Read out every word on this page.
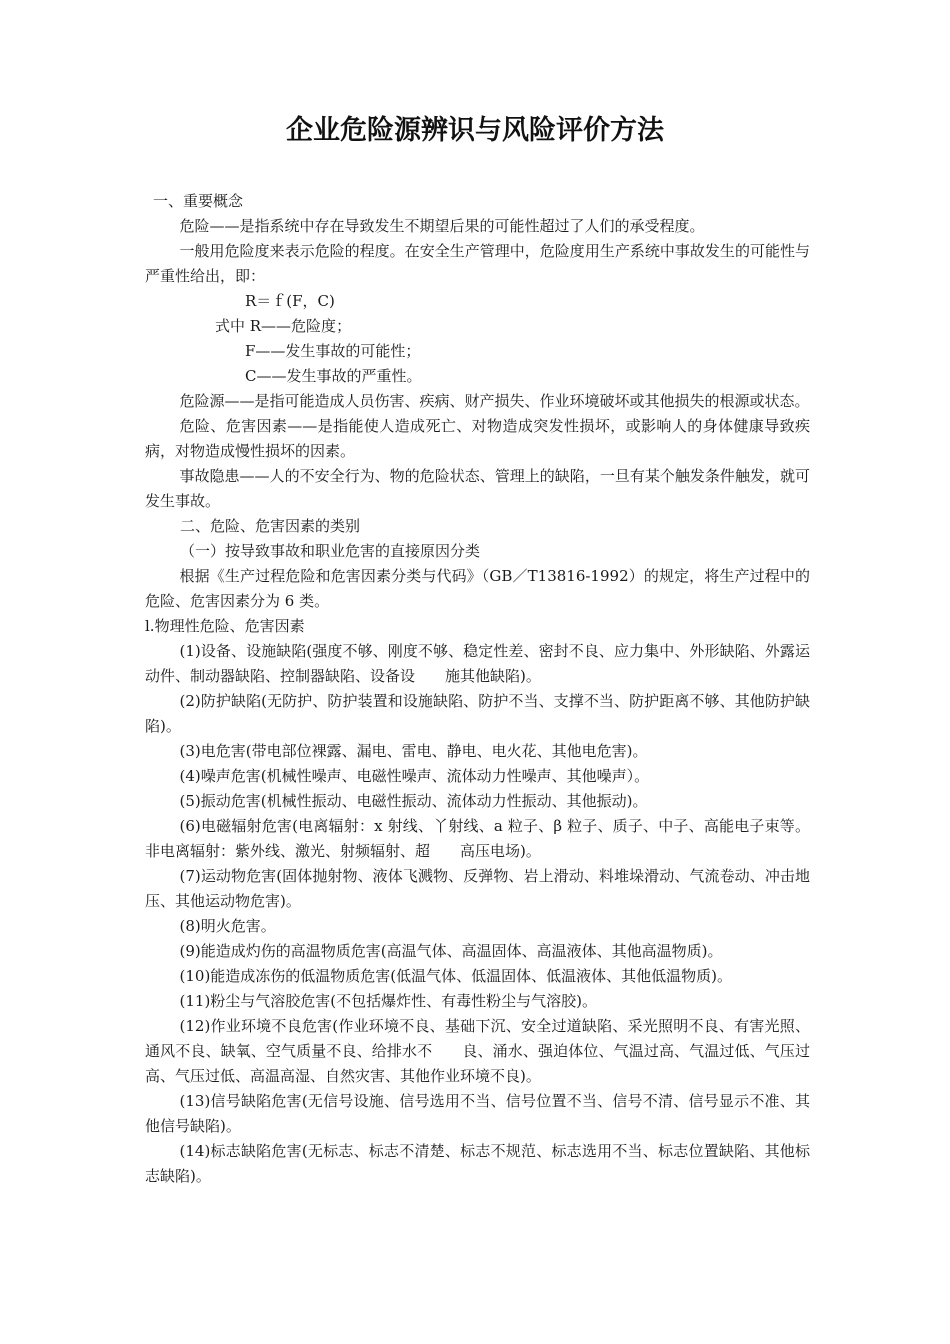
企业危险源辨识与风险评价方法

一、重要概念

危险——是指系统中存在导致发生不期望后果的可能性超过了人们的承受程度。

一般用危险度来表示危险的程度。在安全生产管理中，危险度用生产系统中事故发生的可能性与严重性给出，即：

R＝ｆ(F，C)

式中 R——危险度；

F——发生事故的可能性；

C——发生事故的严重性。

危险源——是指可能造成人员伤害、疾病、财产损失、作业环境破坏或其他损失的根源或状态。

危险、危害因素——是指能使人造成死亡、对物造成突发性损坏，或影响人的身体健康导致疾病，对物造成慢性损坏的因素。

事故隐患——人的不安全行为、物的危险状态、管理上的缺陷，一旦有某个触发条件触发，就可发生事故。

二、危险、危害因素的类别

（一）按导致事故和职业危害的直接原因分类

根据《生产过程危险和危害因素分类与代码》（GB／T13816-1992）的规定，将生产过程中的危险、危害因素分为 6 类。

l.物理性危险、危害因素

(1)设备、设施缺陷(强度不够、刚度不够、稳定性差、密封不良、应力集中、外形缺陷、外露运动件、制动器缺陷、控制器缺陷、设备设　　施其他缺陷)。

(2)防护缺陷(无防护、防护装置和设施缺陷、防护不当、支撑不当、防护距离不够、其他防护缺陷)。

(3)电危害(带电部位裸露、漏电、雷电、静电、电火花、其他电危害)。

(4)噪声危害(机械性噪声、电磁性噪声、流体动力性噪声、其他噪声）。

(5)振动危害(机械性振动、电磁性振动、流体动力性振动、其他振动)。

(6)电磁辐射危害(电离辐射：x 射线、丫射线、a 粒子、β 粒子、质子、中子、高能电子束等。非电离辐射：紫外线、激光、射频辐射、超　　高压电场)。

(7)运动物危害(固体抛射物、液体飞溅物、反弹物、岩上滑动、料堆垛滑动、气流卷动、冲击地压、其他运动物危害)。

(8)明火危害。

(9)能造成灼伤的高温物质危害(高温气体、高温固体、高温液体、其他高温物质)。

(10)能造成冻伤的低温物质危害(低温气体、低温固体、低温液体、其他低温物质)。

(11)粉尘与气溶胶危害(不包括爆炸性、有毒性粉尘与气溶胶)。

(12)作业环境不良危害(作业环境不良、基础下沉、安全过道缺陷、采光照明不良、有害光照、通风不良、缺氧、空气质量不良、给排水不　　良、涌水、强迫体位、气温过高、气温过低、气压过高、气压过低、高温高湿、自然灾害、其他作业环境不良)。

(13)信号缺陷危害(无信号设施、信号选用不当、信号位置不当、信号不清、信号显示不准、其他信号缺陷)。

(14)标志缺陷危害(无标志、标志不清楚、标志不规范、标志选用不当、标志位置缺陷、其他标志缺陷)。
